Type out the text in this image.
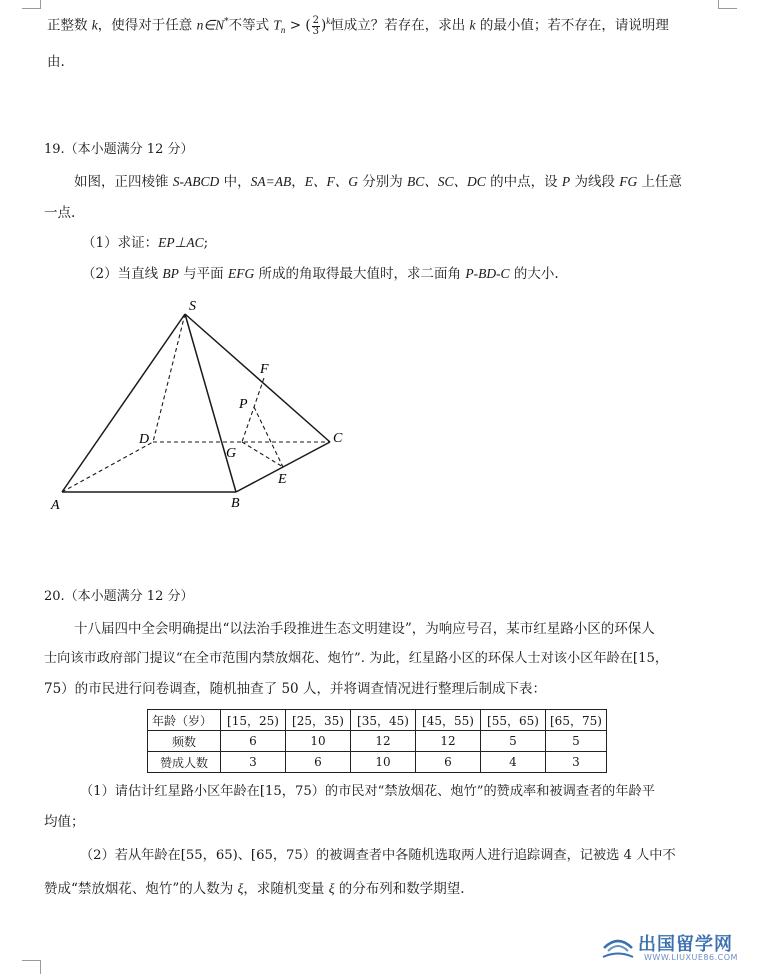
正整数 k，使得对于任意 n∈N*不等式 $T_n$ > ( $\frac{2}{3} )^k$恒成立？若存在，求出 k 的最小值；若不存在，请说明理
由.
19.（本小题满分 12 分）
如图，正四棱锥 S-ABCD 中，SA=AB，E、F、G 分别为 BC、SC、DC 的中点，设 P 为线段 FG 上任意
一点.
（1）求证：EP⊥AC;
（2）当直线 BP 与平面 EFG 所成的角取得最大值时，求二面角 P-BD-C 的大小.
S
F
P
D	C
G
E
A	B
20.（本小题满分 12 分）
十八届四中全会明确提出“以法治手段推进生态文明建设”，为响应号召，某市红星路小区的环保人
士向该市政府部门提议“在全市范围内禁放烟花、炮竹”. 为此，红星路小区的环保人士对该小区年龄在[15，
75）的市民进行问卷调查，随机抽查了 50 人，并将调查情况进行整理后制成下表：
年龄（岁）	[15，25)	[25，35)	[35，45)	[45，55)	[55，65)	[65，75)
频数	6	10	12	12	5	5
赞成人数	3	6	10	6	4	3
（1）请估计红星路小区年龄在[15，75）的市民对“禁放烟花、炮竹”的赞成率和被调查者的年龄平
均值；
（2）若从年龄在[55，65)、[65，75）的被调查者中各随机选取两人进行追踪调查，记被选 4 人中不
赞成“禁放烟花、炮竹”的人数为 ξ，求随机变量 ξ 的分布列和数学期望.
出国留学网
WWW.LIUXUE86.COM
